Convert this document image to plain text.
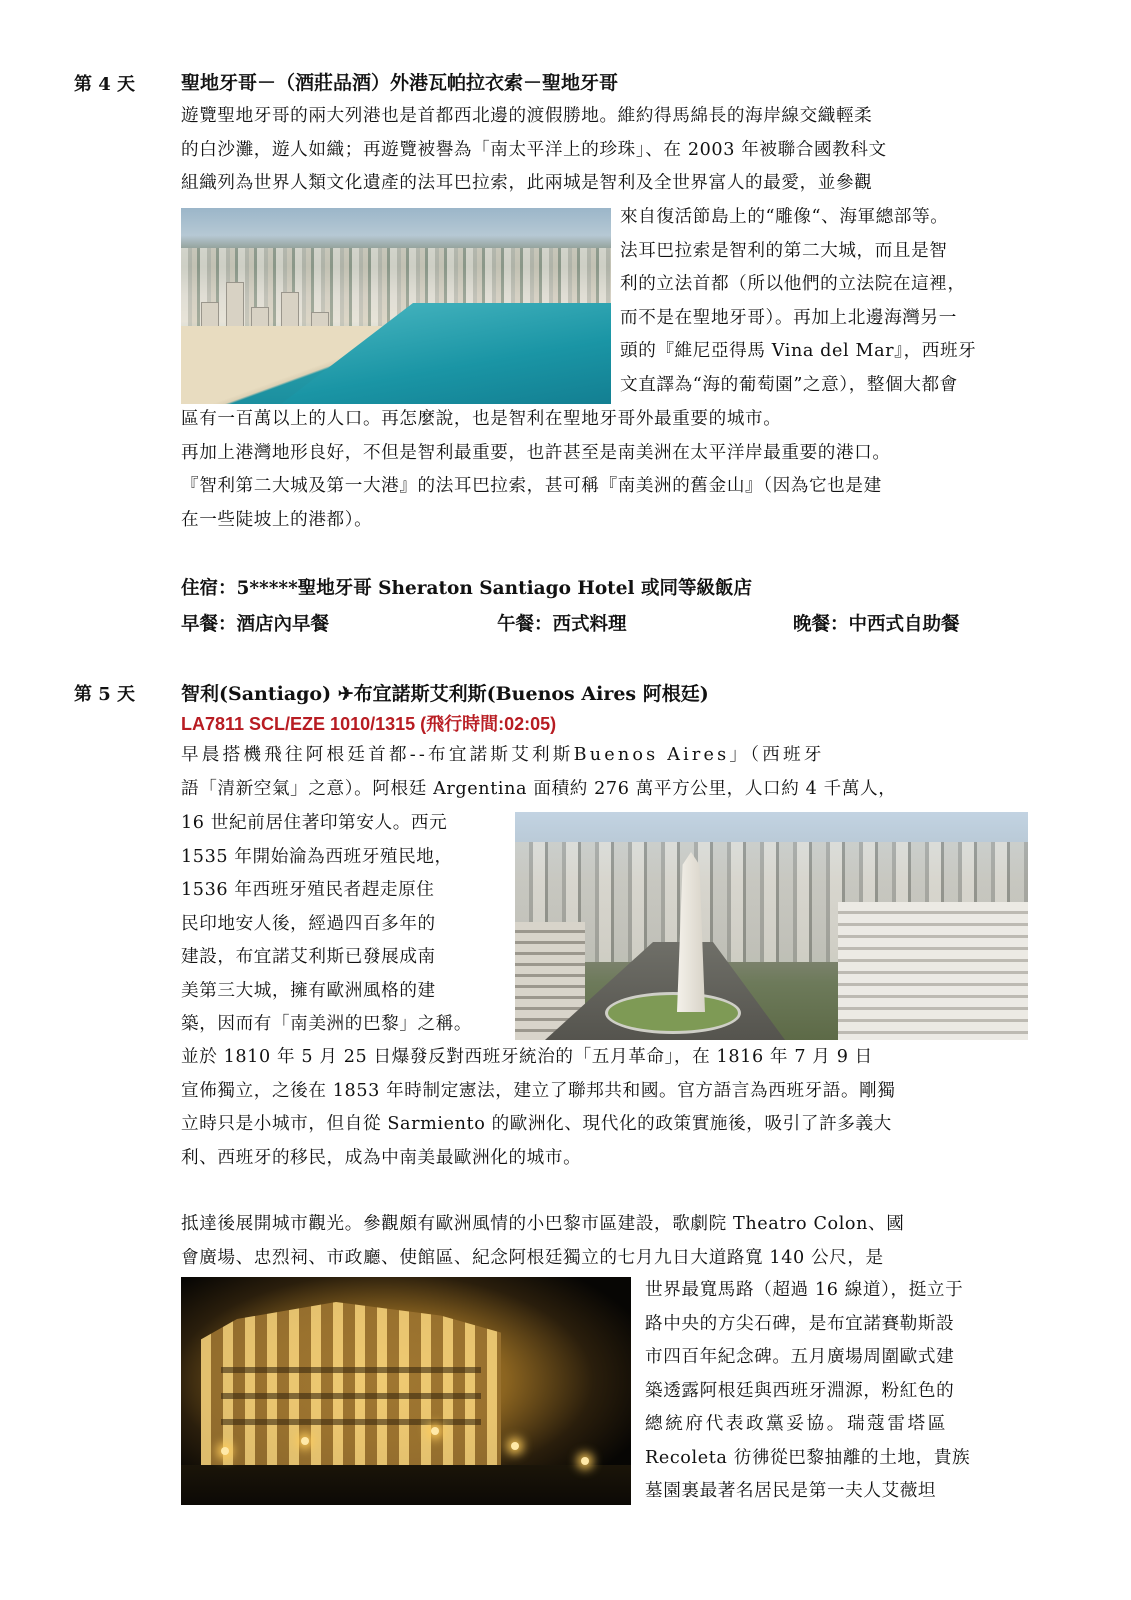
第 4 天 聖地牙哥－（酒莊品酒）外港瓦帕拉衣索－聖地牙哥
遊覽聖地牙哥的兩大列港也是首都西北邊的渡假勝地。維約得馬綿長的海岸線交織輕柔
的白沙灘，遊人如織；再遊覽被譽為「南太平洋上的珍珠」、在 2003 年被聯合國教科文
組織列為世界人類文化遺產的法耳巴拉索，此兩城是智利及全世界富人的最愛，並參觀
來自復活節島上的“雕像“、海軍總部等。
法耳巴拉索是智利的第二大城，而且是智
利的立法首都（所以他們的立法院在這裡，
而不是在聖地牙哥）。再加上北邊海灣另一
頭的『維尼亞得馬 Vina del Mar』，西班牙
文直譯為“海的葡萄園”之意），整個大都會
區有一百萬以上的人口。再怎麼說，也是智利在聖地牙哥外最重要的城市。
再加上港灣地形良好，不但是智利最重要，也許甚至是南美洲在太平洋岸最重要的港口。
『智利第二大城及第一大港』的法耳巴拉索，甚可稱『南美洲的舊金山』（因為它也是建
在一些陡坡上的港都）。
住宿：5*****聖地牙哥 Sheraton Santiago Hotel 或同等級飯店
早餐：酒店內早餐	午餐：西式料理	晚餐：中西式自助餐
第 5 天 智利(Santiago) ✈布宜諾斯艾利斯(Buenos Aires 阿根廷)
LA7811 SCL/EZE 1010/1315 (飛行時間:02:05)
早晨搭機飛往阿根廷首都--布宜諾斯艾利斯Buenos Aires」（西班牙
語「清新空氣」之意）。阿根廷 Argentina 面積約 276 萬平方公里，人口約 4 千萬人，
16 世紀前居住著印第安人。西元
1535 年開始淪為西班牙殖民地，
1536 年西班牙殖民者趕走原住
民印地安人後，經過四百多年的
建設，布宜諾艾利斯已發展成南
美第三大城，擁有歐洲風格的建
築，因而有「南美洲的巴黎」之稱。
並於 1810 年 5 月 25 日爆發反對西班牙統治的「五月革命」，在 1816 年 7 月 9 日
宣佈獨立，之後在 1853 年時制定憲法，建立了聯邦共和國。官方語言為西班牙語。剛獨
立時只是小城市，但自從 Sarmiento 的歐洲化、現代化的政策實施後，吸引了許多義大
利、西班牙的移民，成為中南美最歐洲化的城市。
抵達後展開城市觀光。參觀頗有歐洲風情的小巴黎市區建設，歌劇院 Theatro Colon、國
會廣場、忠烈祠、市政廳、使館區、紀念阿根廷獨立的七月九日大道路寬 140 公尺，是
世界最寬馬路（超過 16 線道），挺立于
路中央的方尖石碑，是布宜諾賽勒斯設
市四百年紀念碑。五月廣場周圍歐式建
築透露阿根廷與西班牙淵源，粉紅色的
總統府代表政黨妥協。瑞蔻雷塔區
Recoleta 彷彿從巴黎抽離的土地，貴族
墓園裏最著名居民是第一夫人艾薇坦
